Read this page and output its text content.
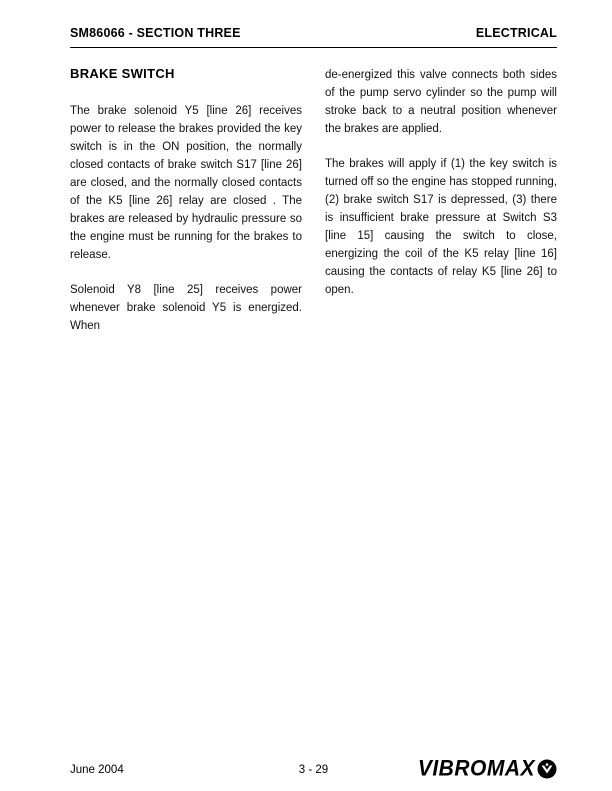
SM86066 - SECTION THREE	ELECTRICAL
BRAKE SWITCH

The brake solenoid Y5 [line 26] receives power to release the brakes provided the key switch is in the ON position, the normally closed contacts of brake switch S17 [line 26] are closed, and the normally closed contacts of the K5 [line 26] relay are closed . The brakes are released by hydraulic pressure so the engine must be running for the brakes to release.

Solenoid Y8 [line 25] receives power whenever brake solenoid Y5 is energized. When

de-energized this valve connects both sides of the pump servo cylinder so the pump will stroke back to a neutral position whenever the brakes are applied.

The brakes will apply if (1) the key switch is turned off so the engine has stopped running, (2) brake switch S17 is depressed, (3) there is insufficient brake pressure at Switch S3 [line 15] causing the switch to close, energizing the coil of the K5 relay [line 16] causing the contacts of relay K5 [line 26] to open.

June 2004	3 - 29	VIBROMAX
